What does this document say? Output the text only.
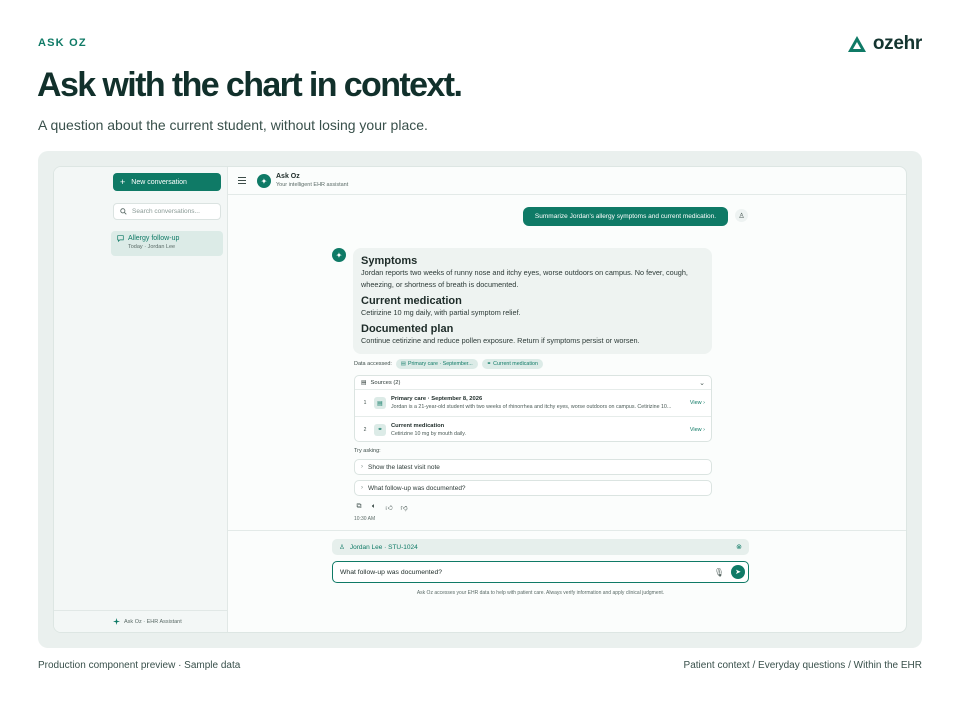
ASK OZ	ozehr
Ask with the chart in context.
A question about the current student, without losing your place.
+ New conversation
Search conversations...
Allergy follow-up
Today · Jordan Lee
Ask Oz · EHR Assistant
✦	Ask Oz
Your intelligent EHR assistant
Summarize Jordan's allergy symptoms and current medication.	♙
✦	Symptoms

Jordan reports two weeks of runny nose and itchy eyes, worse outdoors on campus. No fever, cough, wheezing, or shortness of breath is documented.

Current medication

Cetirizine 10 mg daily, with partial symptom relief.

Documented plan

Continue cetirizine and reduce pollen exposure. Return if symptoms persist or worsen.

Data accessed: ▤ Primary care · September...	⚭ Current medication
▤ Sources (2)	⌄
1	▤
Primary care · September 8, 2026
Jordan is a 21-year-old student with two weeks of rhinorrhea and itchy eyes, worse outdoors on campus. Cetirizine 10...
View ›
2	⚭
Current medication
Cetirizine 10 mg by mouth daily.
View ›
Try asking:
› Show the latest visit note
› What follow-up was documented?
⧉ 🔈︎ 👍︎ 👎︎
10:30 AM
♙ Jordan Lee · STU-1024	⊗
What follow-up was documented?	🎙︎	➤
Ask Oz accesses your EHR data to help with patient care. Always verify information and apply clinical judgment.
Production component preview · Sample data	Patient context / Everyday questions / Within the EHR
